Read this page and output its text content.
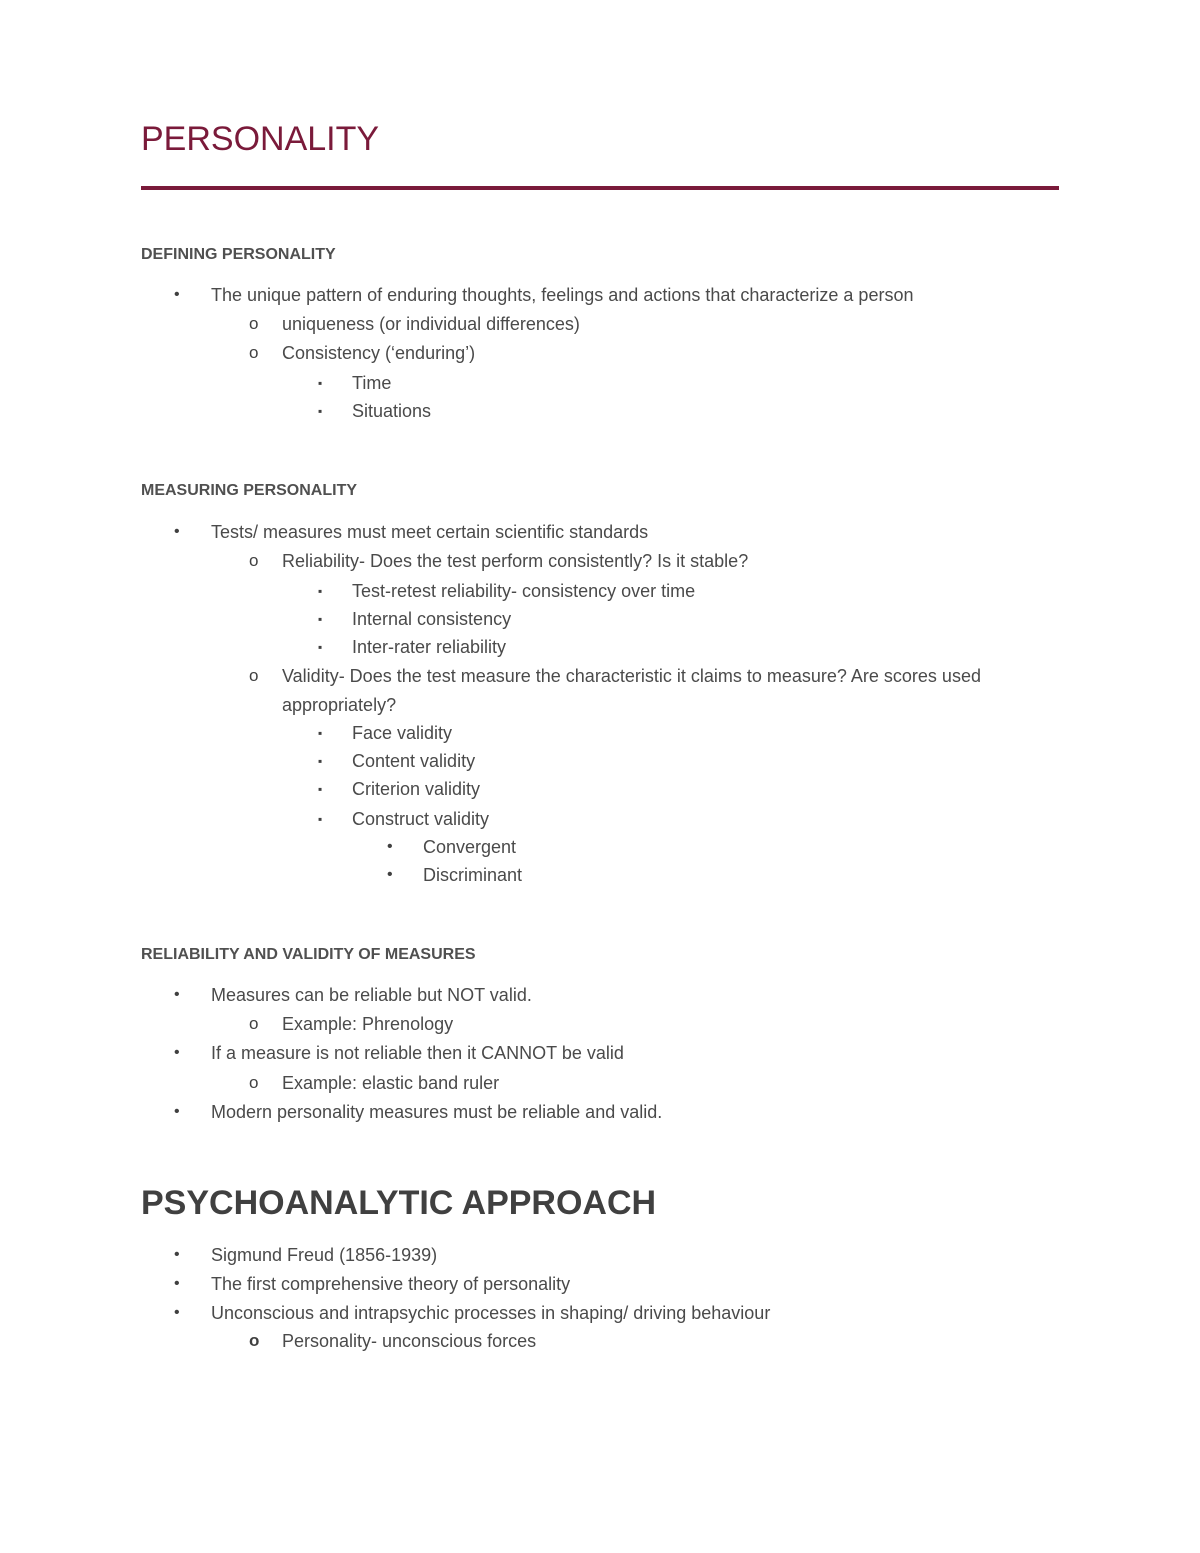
PERSONALITY
DEFINING PERSONALITY
• The unique pattern of enduring thoughts, feelings and actions that characterize a person
o uniqueness (or individual differences)
o Consistency (‘enduring’)
▪ Time
▪ Situations
MEASURING PERSONALITY
• Tests/ measures must meet certain scientific standards
o Reliability- Does the test perform consistently? Is it stable?
▪ Test-retest reliability- consistency over time
▪ Internal consistency
▪ Inter-rater reliability
o Validity- Does the test measure the characteristic it claims to measure? Are scores used
appropriately?
▪ Face validity
▪ Content validity
▪ Criterion validity
▪ Construct validity
• Convergent
• Discriminant
RELIABILITY AND VALIDITY OF MEASURES
• Measures can be reliable but NOT valid.
o Example: Phrenology
• If a measure is not reliable then it CANNOT be valid
o Example: elastic band ruler
• Modern personality measures must be reliable and valid.
PSYCHOANALYTIC APPROACH
• Sigmund Freud (1856-1939)
• The first comprehensive theory of personality
• Unconscious and intrapsychic processes in shaping/ driving behaviour
o Personality- unconscious forces
